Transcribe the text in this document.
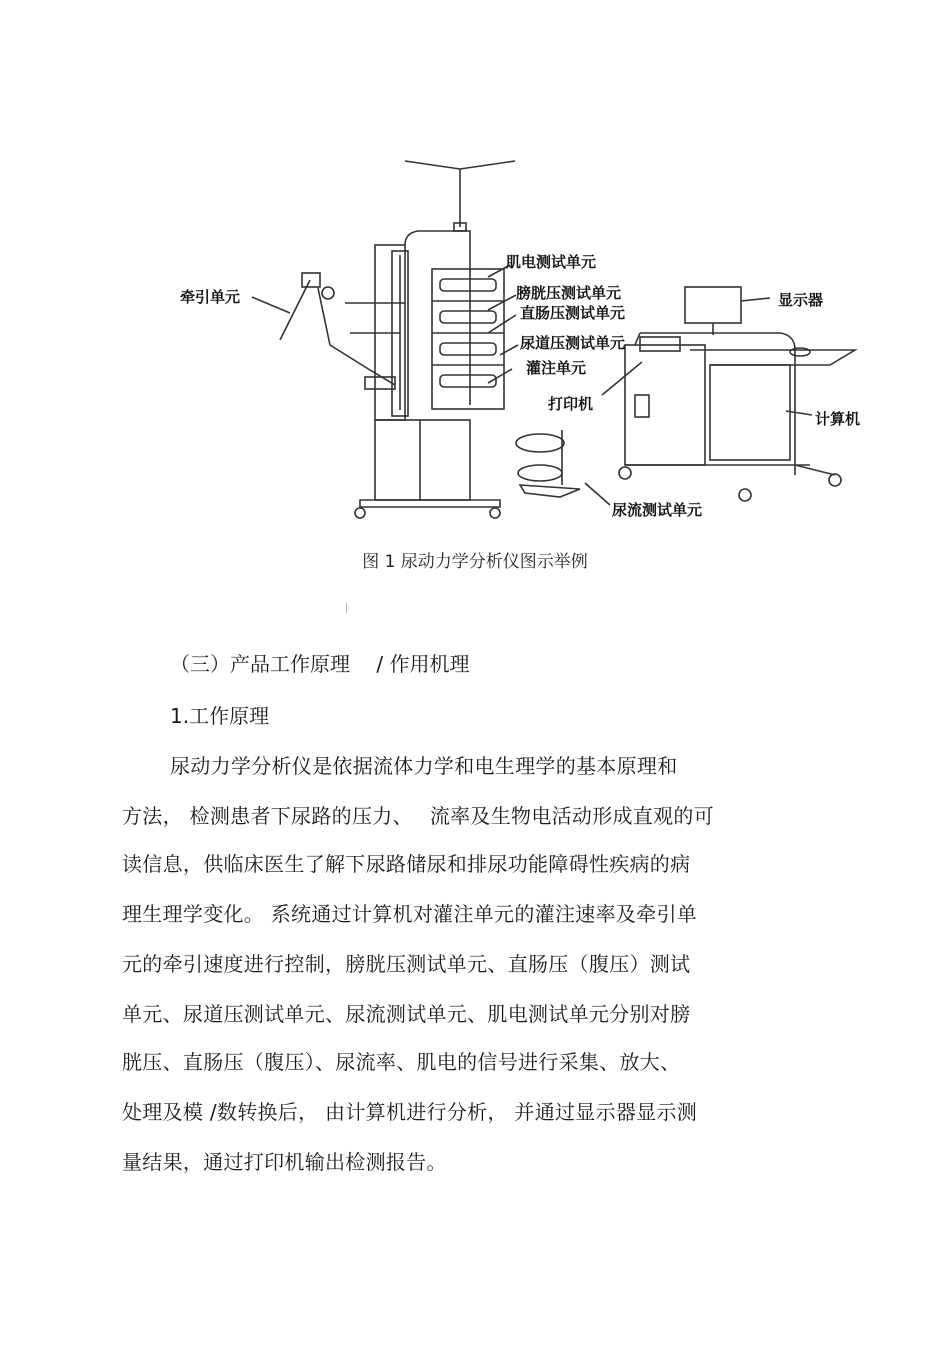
肌电测试单元
膀胱压测试单元
直肠压测试单元
尿道压测试单元
灌注单元
牵引单元	显示器
打印机
计算机
尿流测试单元
图 1 尿动力学分析仪图示举例
（三）产品工作原理　 / 作用机理
1.工作原理
尿动力学分析仪是依据流体力学和电生理学的基本原理和
方法， 检测患者下尿路的压力、　 流率及生物电活动形成直观的可
读信息，供临床医生了解下尿路储尿和排尿功能障碍性疾病的病
理生理学变化。 系统通过计算机对灌注单元的灌注速率及牵引单
元的牵引速度进行控制，膀胱压测试单元、直肠压（腹压）测试
单元、尿道压测试单元、尿流测试单元、肌电测试单元分别对膀
胱压、直肠压（腹压）、尿流率、肌电的信号进行采集、放大、
处理及模 /数转换后， 由计算机进行分析， 并通过显示器显示测
量结果，通过打印机输出检测报告。
